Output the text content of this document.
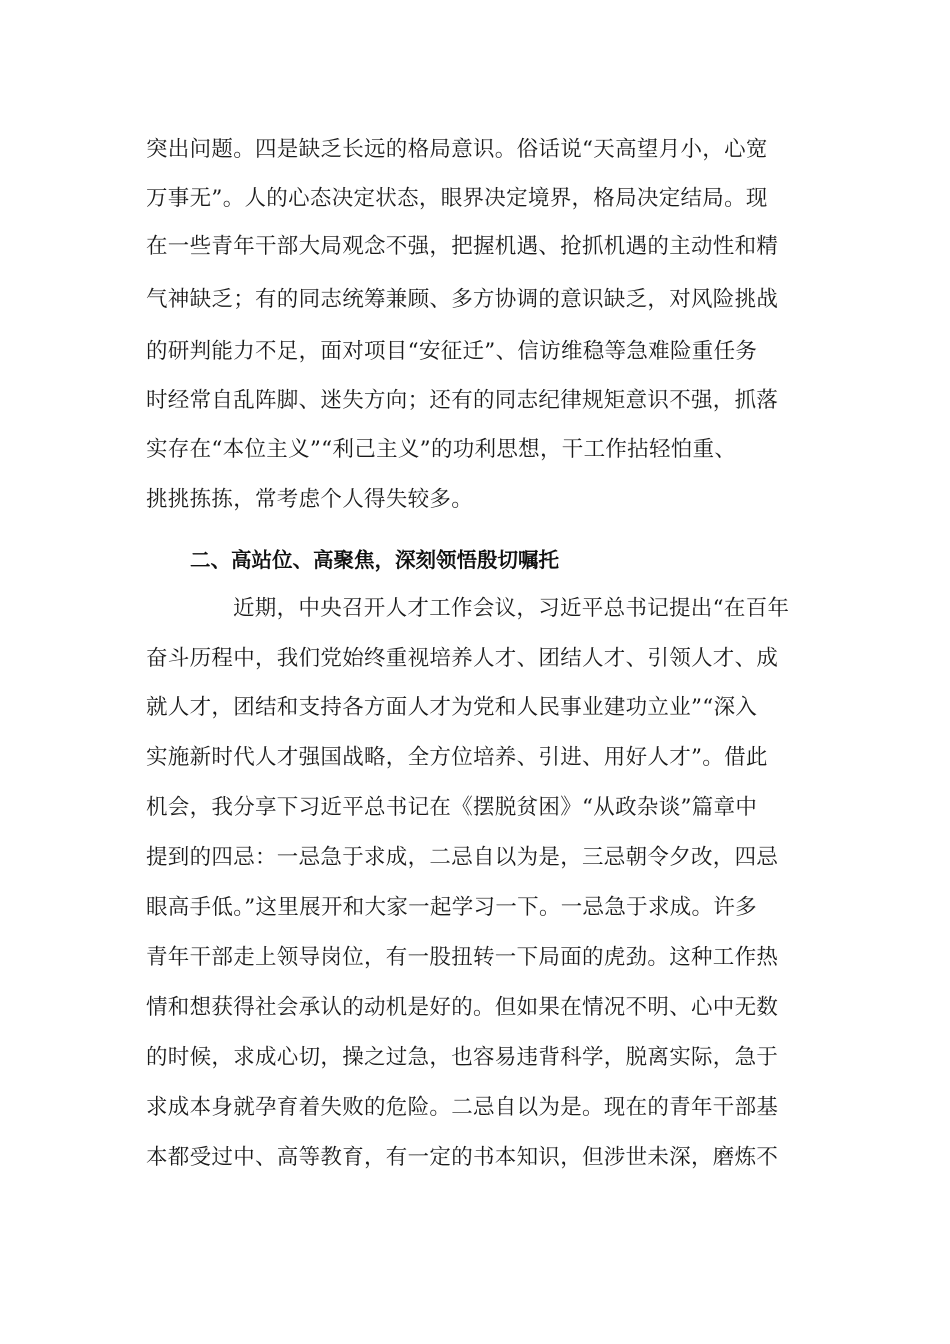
突出问题。四是缺乏长远的格局意识。俗话说“天高望月小，心宽

万事无”。人的心态决定状态，眼界决定境界，格局决定结局。现

在一些青年干部大局观念不强，把握机遇、抢抓机遇的主动性和精

气神缺乏；有的同志统筹兼顾、多方协调的意识缺乏，对风险挑战

的研判能力不足，面对项目“安征迁”、信访维稳等急难险重任务

时经常自乱阵脚、迷失方向；还有的同志纪律规矩意识不强，抓落

实存在“本位主义”“利己主义”的功利思想，干工作拈轻怕重、

挑挑拣拣，常考虑个人得失较多。

二、高站位、高聚焦，深刻领悟殷切嘱托

近期，中央召开人才工作会议，习近平总书记提出“在百年

奋斗历程中，我们党始终重视培养人才、团结人才、引领人才、成

就人才，团结和支持各方面人才为党和人民事业建功立业”“深入

实施新时代人才强国战略，全方位培养、引进、用好人才”。借此

机会，我分享下习近平总书记在《摆脱贫困》“从政杂谈”篇章中

提到的四忌：一忌急于求成，二忌自以为是，三忌朝令夕改，四忌

眼高手低。”这里展开和大家一起学习一下。一忌急于求成。许多

青年干部走上领导岗位，有一股扭转一下局面的虎劲。这种工作热

情和想获得社会承认的动机是好的。但如果在情况不明、心中无数

的时候，求成心切，操之过急，也容易违背科学，脱离实际，急于

求成本身就孕育着失败的危险。二忌自以为是。现在的青年干部基

本都受过中、高等教育，有一定的书本知识，但涉世未深，磨炼不
